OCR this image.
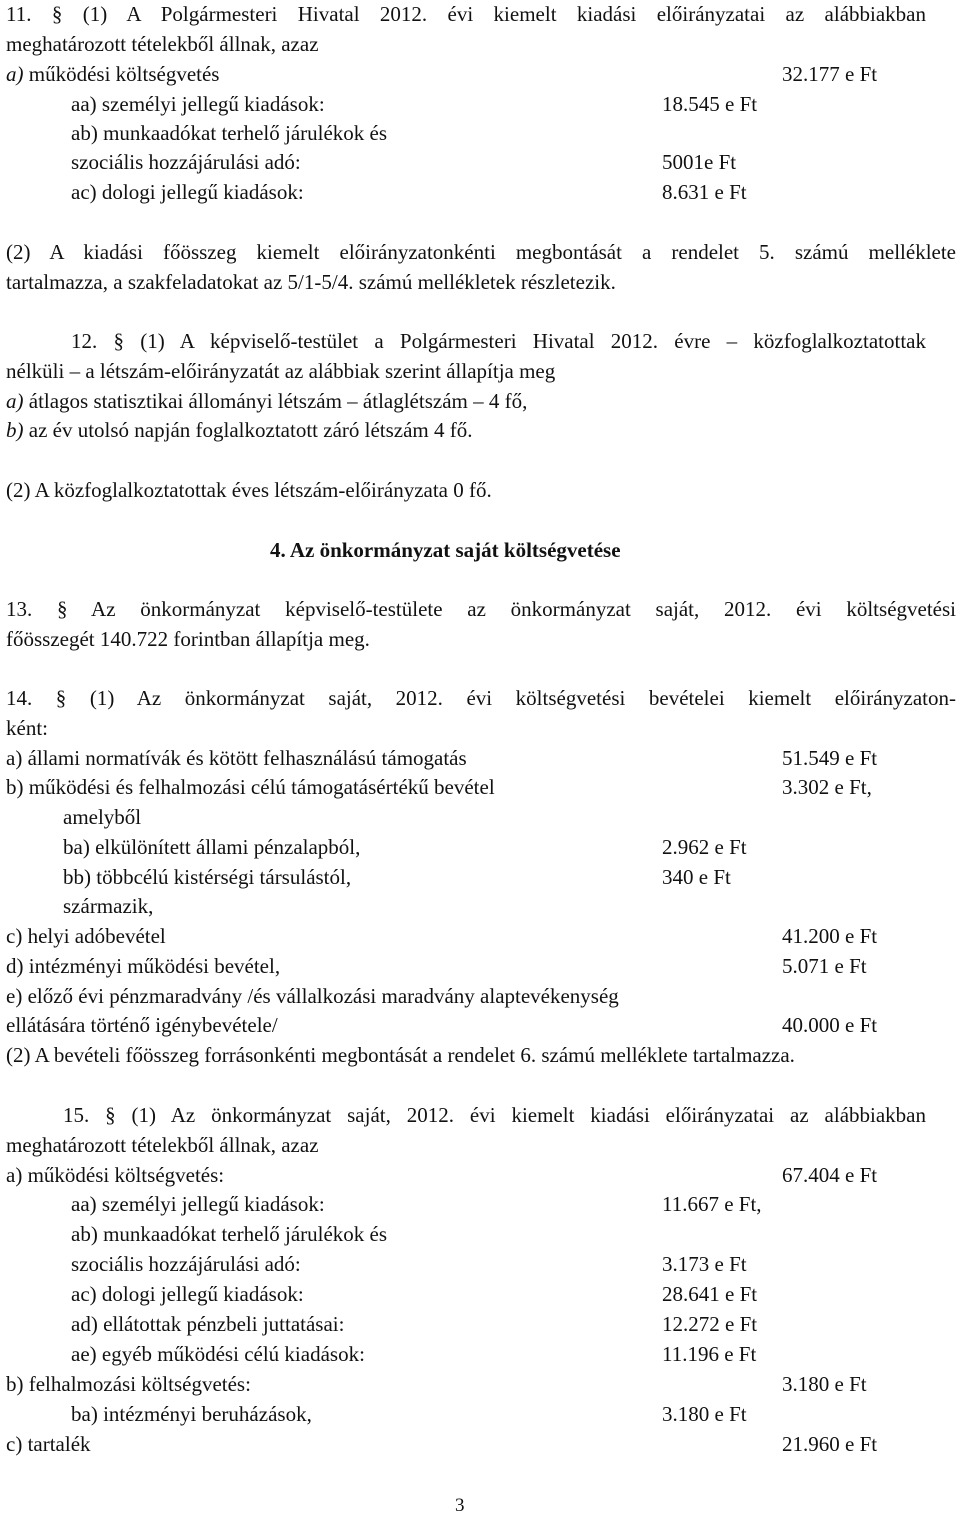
11. § (1) A Polgármesteri Hivatal 2012. évi kiemelt kiadási előirányzatai az alábbiakban
meghatározott tételekből állnak, azaz
a) működési költségvetés	32.177 e Ft
aa) személyi jellegű kiadások:	18.545 e Ft
ab) munkaadókat terhelő járulékok és
szociális hozzájárulási adó:	5001e Ft
ac) dologi jellegű kiadások:	8.631 e Ft
(2) A kiadási főösszeg kiemelt előirányzatonkénti megbontását a rendelet 5. számú melléklete
tartalmazza, a szakfeladatokat az 5/1-5/4. számú mellékletek részletezik.
12. § (1) A képviselő-testület a Polgármesteri Hivatal 2012. évre – közfoglalkoztatottak
nélküli – a létszám-előirányzatát az alábbiak szerint állapítja meg
a) átlagos statisztikai állományi létszám – átlaglétszám – 4 fő,
b) az év utolsó napján foglalkoztatott záró létszám 4 fő.
(2) A közfoglalkoztatottak éves létszám-előirányzata 0 fő.
4. Az önkormányzat saját költségvetése
13. § Az önkormányzat képviselő-testülete az önkormányzat saját, 2012. évi költségvetési
főösszegét 140.722 forintban állapítja meg.
14. § (1) Az önkormányzat saját, 2012. évi költségvetési bevételei kiemelt előirányzaton-
ként:
a) állami normatívák és kötött felhasználású támogatás	51.549 e Ft
b) működési és felhalmozási célú támogatásértékű bevétel	3.302 e Ft,
amelyből
ba) elkülönített állami pénzalapból,	2.962 e Ft
bb) többcélú kistérségi társulástól,	340 e Ft
származik,
c) helyi adóbevétel	41.200 e Ft
d) intézményi működési bevétel,	5.071 e Ft
e) előző évi pénzmaradvány /és vállalkozási maradvány alaptevékenység
ellátására történő igénybevétele/	40.000 e Ft
(2) A bevételi főösszeg forrásonkénti megbontását a rendelet 6. számú melléklete tartalmazza.
15. § (1) Az önkormányzat saját, 2012. évi kiemelt kiadási előirányzatai az alábbiakban
meghatározott tételekből állnak, azaz
a) működési költségvetés:	67.404 e Ft
aa) személyi jellegű kiadások:	11.667 e Ft,
ab) munkaadókat terhelő járulékok és
szociális hozzájárulási adó:	3.173 e Ft
ac) dologi jellegű kiadások:	28.641 e Ft
ad) ellátottak pénzbeli juttatásai:	12.272 e Ft
ae) egyéb működési célú kiadások:	11.196 e Ft
b) felhalmozási költségvetés:	3.180 e Ft
ba) intézményi beruházások,	3.180 e Ft
c) tartalék	21.960 e Ft
3
